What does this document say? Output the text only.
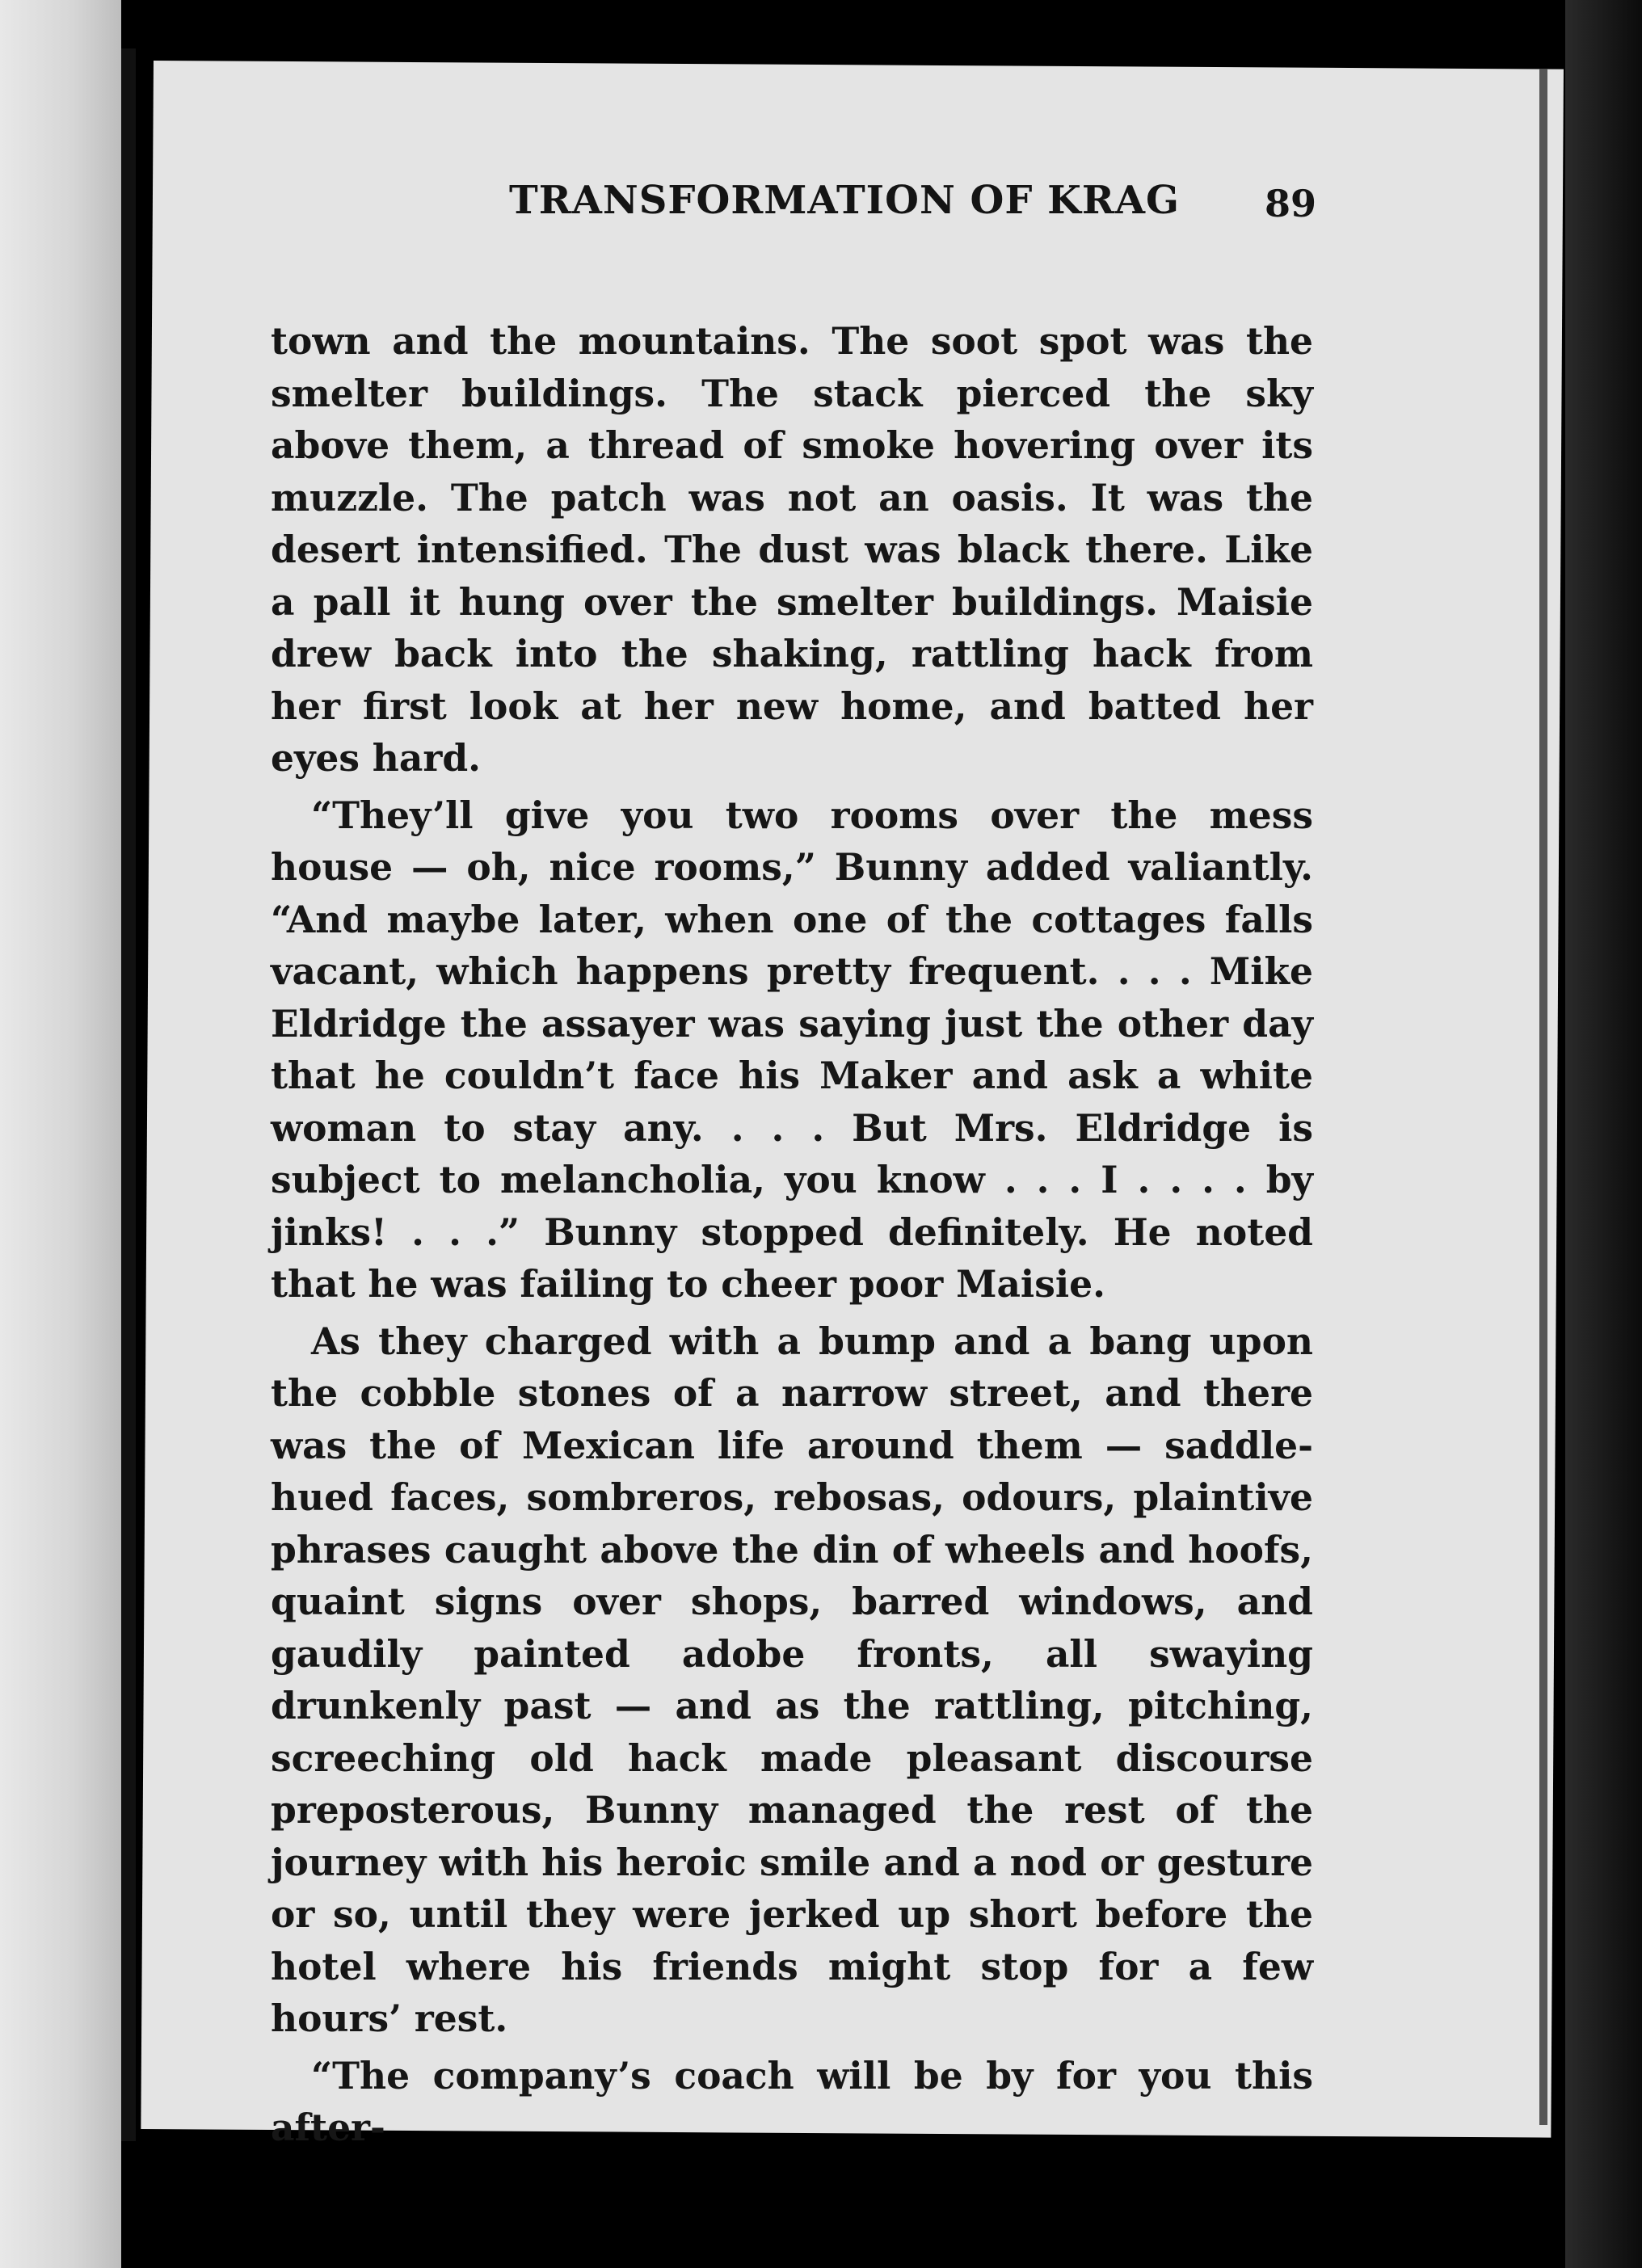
TRANSFORMATION OF KRAG	89

town and the mountains. The soot spot was the smelter buildings. The stack pierced the sky above them, a thread of smoke hovering over its muzzle. The patch was not an oasis. It was the desert intensified. The dust was black there. Like a pall it hung over the smelter buildings. Maisie drew back into the shaking, rattling hack from her first look at her new home, and batted her eyes hard.

“They’ll give you two rooms over the mess house — oh, nice rooms,” Bunny added valiantly. “And maybe later, when one of the cottages falls vacant, which happens pretty frequent. . . . Mike Eldridge the assayer was saying just the other day that he couldn’t face his Maker and ask a white woman to stay any. . . . But Mrs. Eldridge is subject to melancholia, you know . . . I . . . . by jinks! . . .” Bunny stopped definitely. He noted that he was failing to cheer poor Maisie.

As they charged with a bump and a bang upon the cobble stones of a narrow street, and there was the of Mexican life around them — saddle-hued faces, sombreros, rebosas, odours, plaintive phrases caught above the din of wheels and hoofs, quaint signs over shops, barred windows, and gaudily painted adobe fronts, all swaying drunkenly past — and as the rattling, pitching, screeching old hack made pleasant discourse preposterous, Bunny managed the rest of the journey with his heroic smile and a nod or gesture or so, until they were jerked up short before the hotel where his friends might stop for a few hours’ rest.

“The company’s coach will be by for you this after-
